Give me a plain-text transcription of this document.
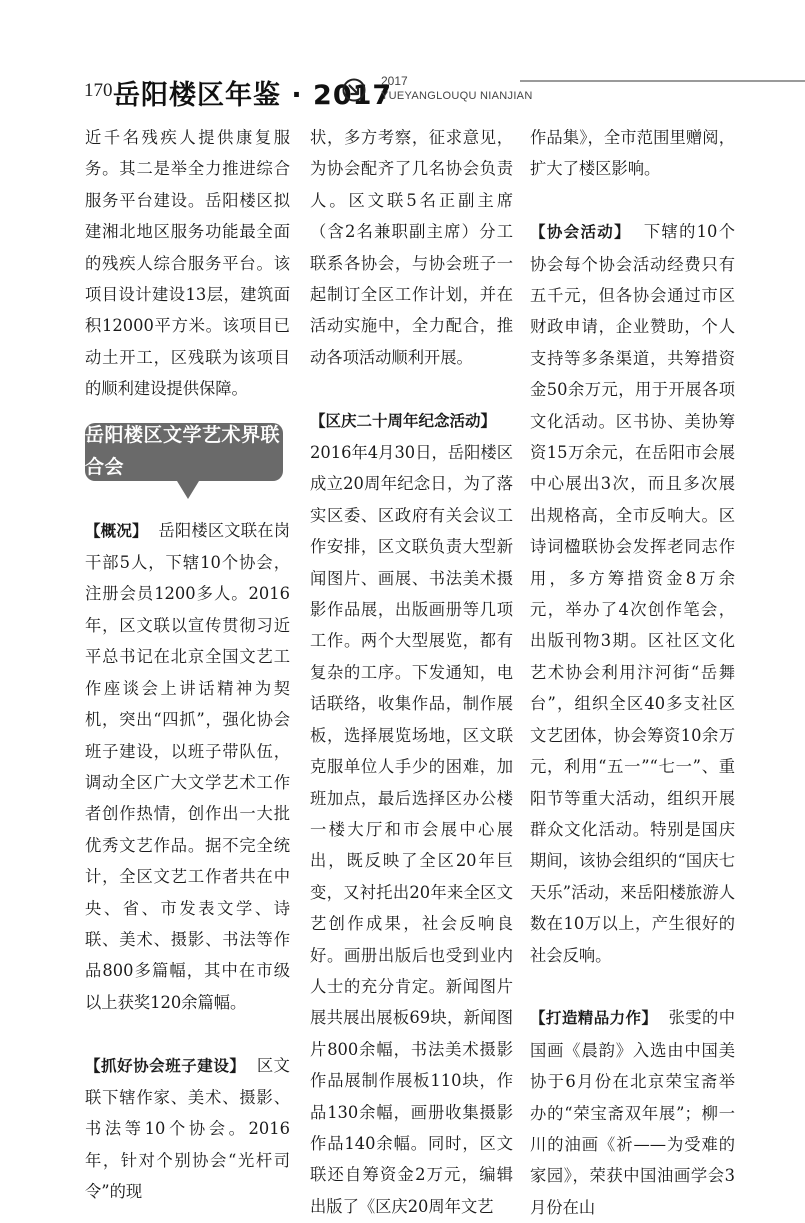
170 岳阳楼区年鉴 · 2017
2017
YUEYANGLOUQU NIANJIAN

近千名残疾人提供康复服务。其二是举全力推进综合服务平台建设。岳阳楼区拟建湘北地区服务功能最全面的残疾人综合服务平台。该项目设计建设13层，建筑面积12000平方米。该项目已动土开工，区残联为该项目的顺利建设提供保障。

岳阳楼区文学艺术界联合会

【概况】 岳阳楼区文联在岗干部5人，下辖10个协会，注册会员1200多人。2016年，区文联以宣传贯彻习近平总书记在北京全国文艺工作座谈会上讲话精神为契机，突出“四抓”，强化协会班子建设，以班子带队伍，调动全区广大文学艺术工作者创作热情，创作出一大批优秀文艺作品。据不完全统计，全区文艺工作者共在中央、省、市发表文学、诗联、美术、摄影、书法等作品800多篇幅，其中在市级以上获奖120余篇幅。

【抓好协会班子建设】 区文联下辖作家、美术、摄影、书法等10个协会。2016年，针对个别协会“光杆司令”的现

状，多方考察，征求意见，为协会配齐了几名协会负责人。区文联5名正副主席（含2名兼职副主席）分工联系各协会，与协会班子一起制订全区工作计划，并在活动实施中，全力配合，推动各项活动顺利开展。

【区庆二十周年纪念活动】

2016年4月30日，岳阳楼区成立20周年纪念日，为了落实区委、区政府有关会议工作安排，区文联负责大型新闻图片、画展、书法美术摄影作品展，出版画册等几项工作。两个大型展览，都有复杂的工序。下发通知，电话联络，收集作品，制作展板，选择展览场地，区文联克服单位人手少的困难，加班加点，最后选择区办公楼一楼大厅和市会展中心展出，既反映了全区20年巨变，又衬托出20年来全区文艺创作成果，社会反响良好。画册出版后也受到业内人士的充分肯定。新闻图片展共展出展板69块，新闻图片800余幅，书法美术摄影作品展制作展板110块，作品130余幅，画册收集摄影作品140余幅。同时，区文联还自筹资金2万元，编辑出版了《区庆20周年文艺

作品集》，全市范围里赠阅，扩大了楼区影响。

【协会活动】 下辖的10个协会每个协会活动经费只有五千元，但各协会通过市区财政申请，企业赞助，个人支持等多条渠道，共筹措资金50余万元，用于开展各项文化活动。区书协、美协筹资15万余元，在岳阳市会展中心展出3次，而且多次展出规格高，全市反响大。区诗词楹联协会发挥老同志作用，多方筹措资金8万余元，举办了4次创作笔会，出版刊物3期。区社区文化艺术协会利用汴河街“岳舞台”，组织全区40多支社区文艺团体，协会筹资10余万元，利用“五一”“七一”、重阳节等重大活动，组织开展群众文化活动。特别是国庆期间，该协会组织的“国庆七天乐”活动，来岳阳楼旅游人数在10万以上，产生很好的社会反响。

【打造精品力作】 张雯的中国画《晨韵》入选由中国美协于6月份在北京荣宝斋举办的“荣宝斋双年展”；柳一川的油画《祈——为受难的家园》，荣获中国油画学会3月份在山
